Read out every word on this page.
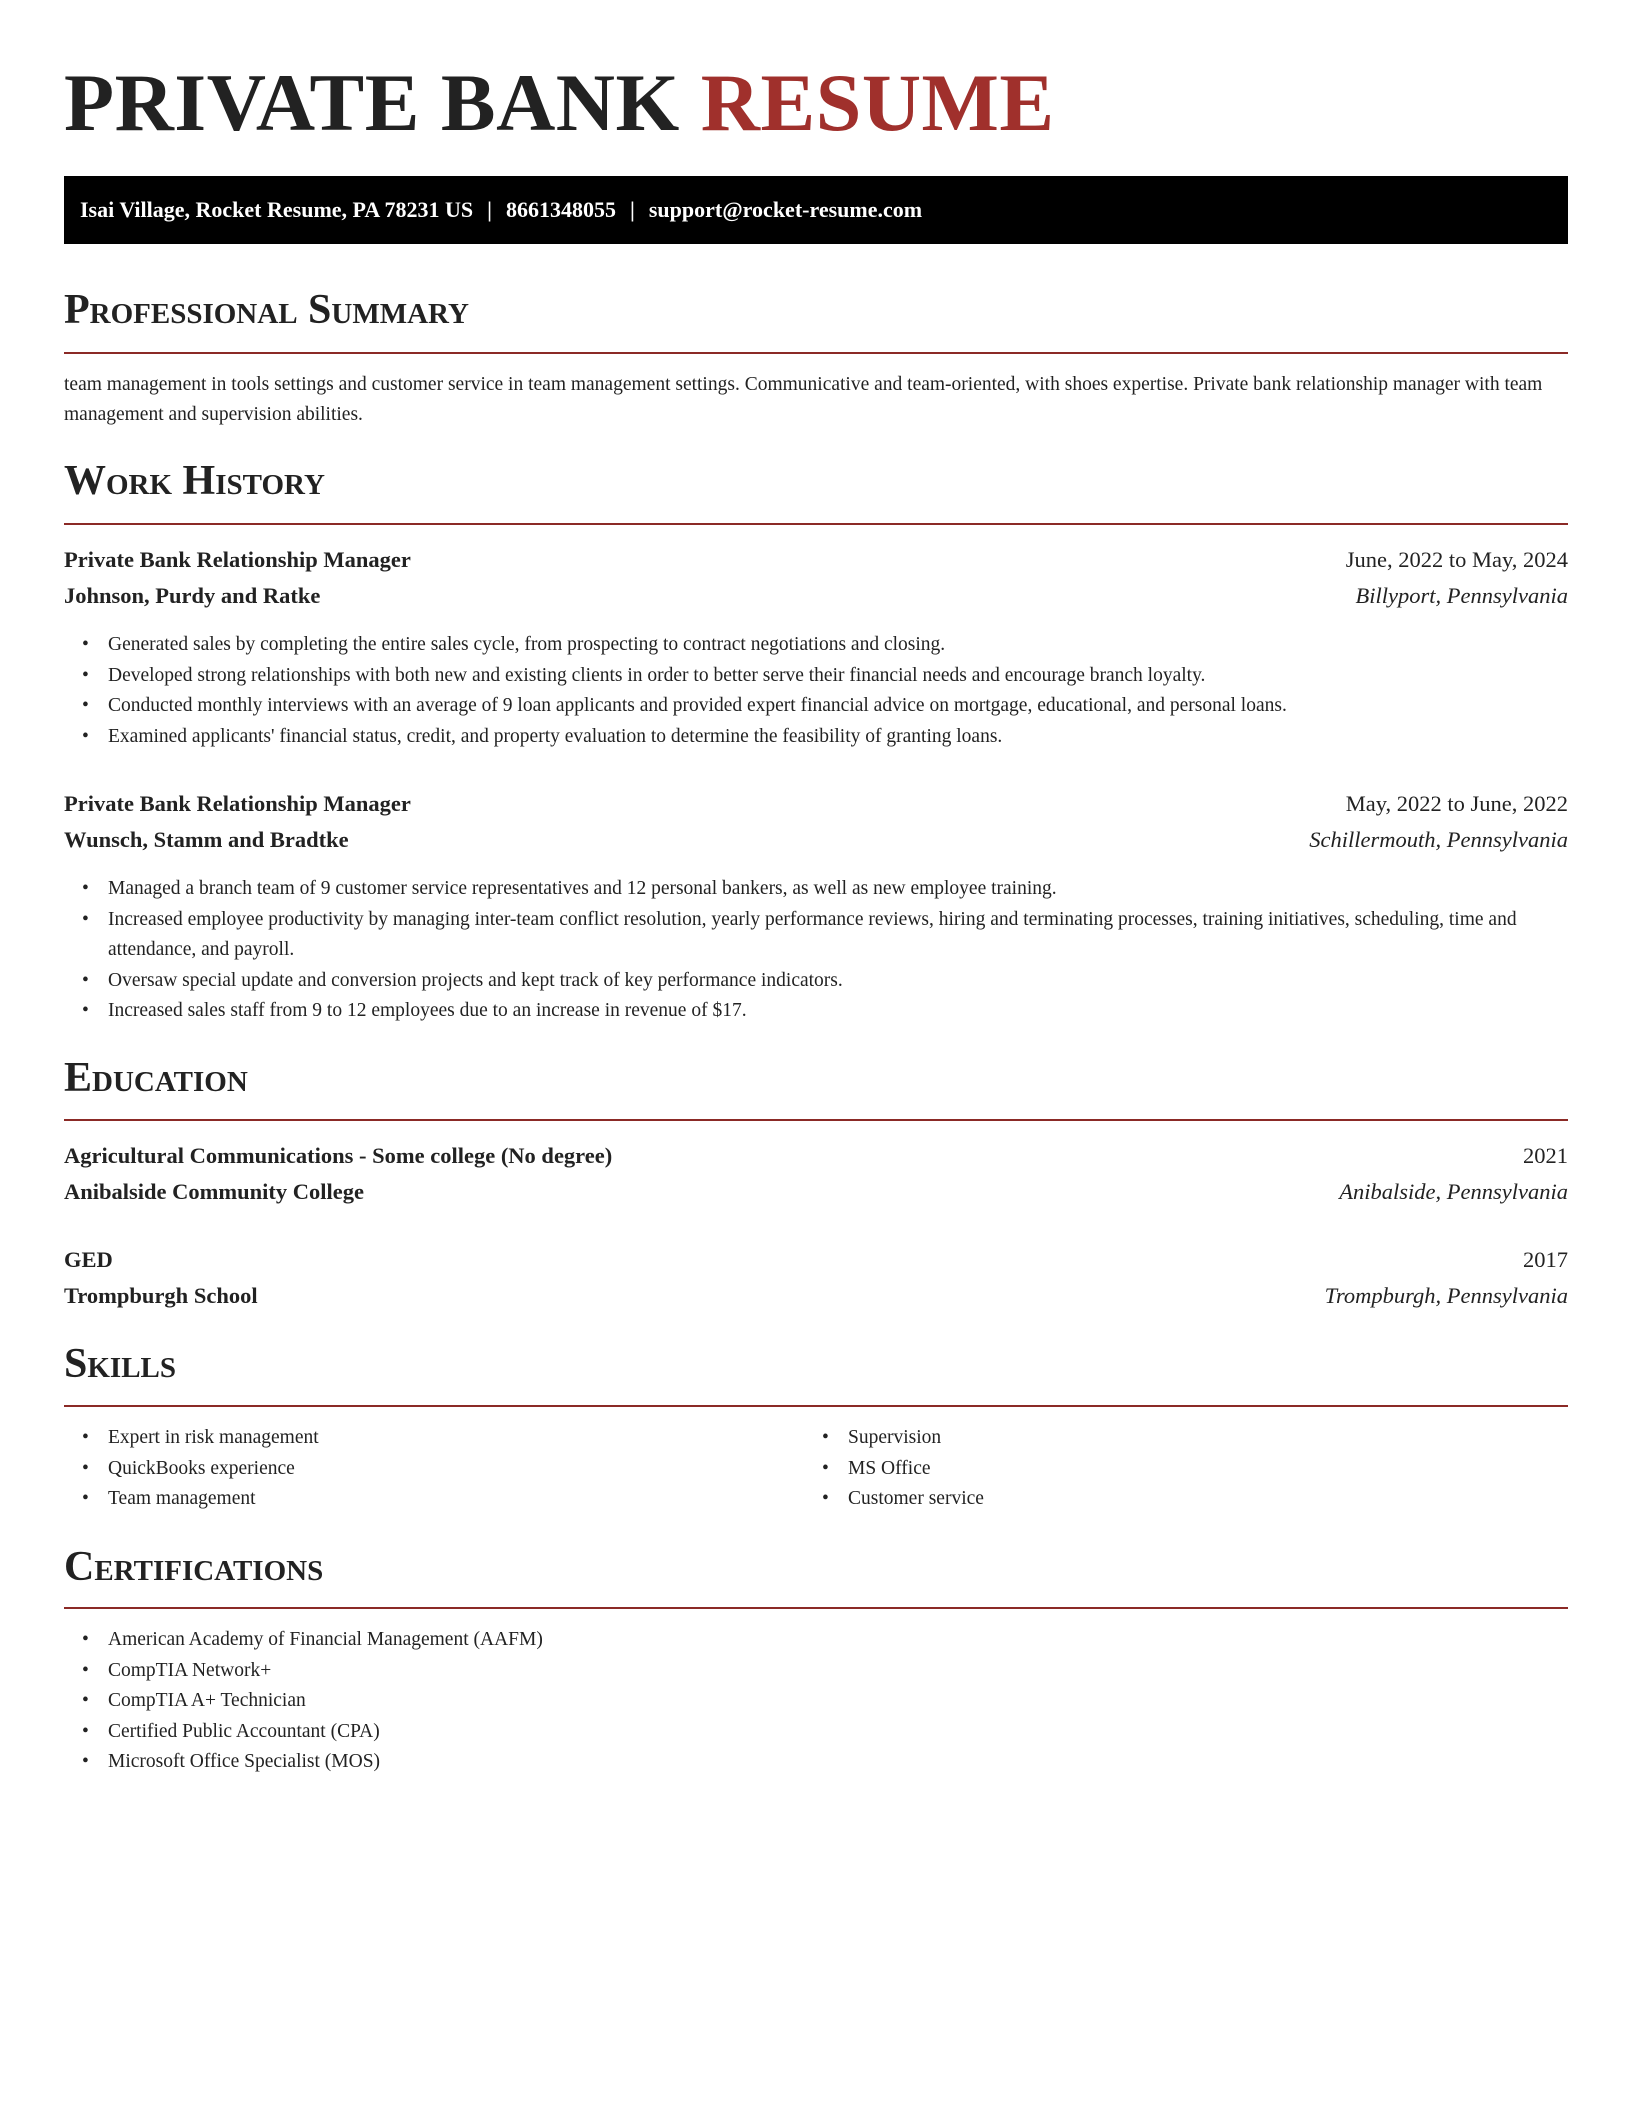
PRIVATE BANK RESUME
Isai Village, Rocket Resume, PA 78231 US | 8661348055 | support@rocket-resume.com
Professional Summary
team management in tools settings and customer service in team management settings. Communicative and team-oriented, with shoes expertise. Private bank relationship manager with team management and supervision abilities.
Work History
Private Bank Relationship Manager	June, 2022 to May, 2024
Johnson, Purdy and Ratke	Billyport, Pennsylvania
• Generated sales by completing the entire sales cycle, from prospecting to contract negotiations and closing.
• Developed strong relationships with both new and existing clients in order to better serve their financial needs and encourage branch loyalty.
• Conducted monthly interviews with an average of 9 loan applicants and provided expert financial advice on mortgage, educational, and personal loans.
• Examined applicants' financial status, credit, and property evaluation to determine the feasibility of granting loans.
Private Bank Relationship Manager	May, 2022 to June, 2022
Wunsch, Stamm and Bradtke	Schillermouth, Pennsylvania
• Managed a branch team of 9 customer service representatives and 12 personal bankers, as well as new employee training.
• Increased employee productivity by managing inter-team conflict resolution, yearly performance reviews, hiring and terminating processes, training initiatives, scheduling, time and attendance, and payroll.
• Oversaw special update and conversion projects and kept track of key performance indicators.
• Increased sales staff from 9 to 12 employees due to an increase in revenue of $17.
Education
Agricultural Communications - Some college (No degree)	2021
Anibalside Community College	Anibalside, Pennsylvania
GED	2017
Trompburgh School	Trompburgh, Pennsylvania
Skills
• Expert in risk management
• QuickBooks experience
• Team management
• Supervision
• MS Office
• Customer service
Certifications
• American Academy of Financial Management (AAFM)
• CompTIA Network+
• CompTIA A+ Technician
• Certified Public Accountant (CPA)
• Microsoft Office Specialist (MOS)
